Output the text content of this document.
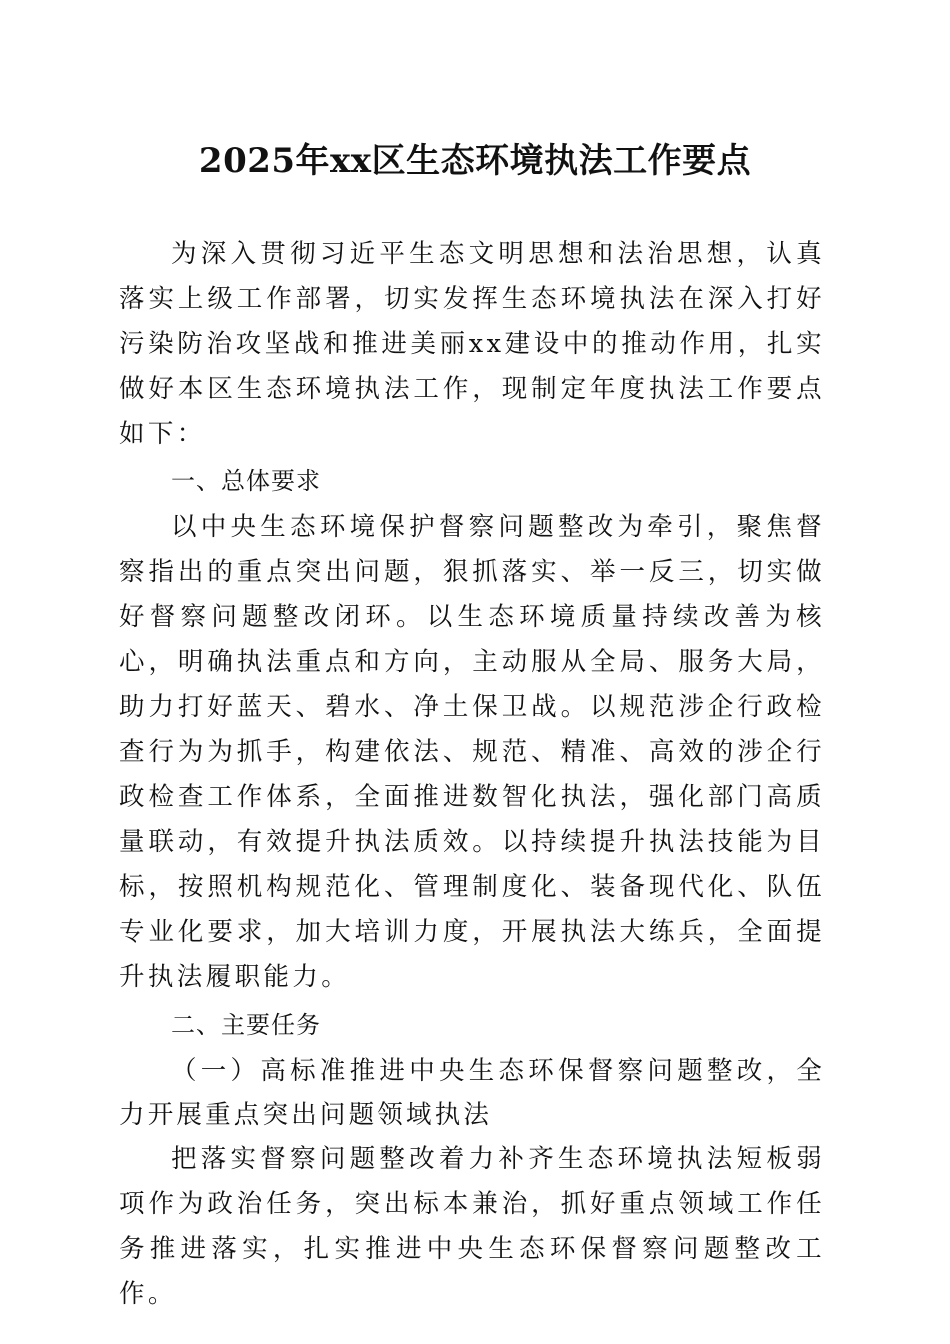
2025年xx区生态环境执法工作要点

为深入贯彻习近平生态文明思想和法治思想，认真落实上级工作部署，切实发挥生态环境执法在深入打好污染防治攻坚战和推进美丽xx建设中的推动作用，扎实做好本区生态环境执法工作，现制定年度执法工作要点如下：

一、总体要求

以中央生态环境保护督察问题整改为牵引，聚焦督察指出的重点突出问题，狠抓落实、举一反三，切实做好督察问题整改闭环。以生态环境质量持续改善为核心，明确执法重点和方向，主动服从全局、服务大局，助力打好蓝天、碧水、净土保卫战。以规范涉企行政检查行为为抓手，构建依法、规范、精准、高效的涉企行政检查工作体系，全面推进数智化执法，强化部门高质量联动，有效提升执法质效。以持续提升执法技能为目标，按照机构规范化、管理制度化、装备现代化、队伍专业化要求，加大培训力度，开展执法大练兵，全面提升执法履职能力。

二、主要任务

（一）高标准推进中央生态环保督察问题整改，全力开展重点突出问题领域执法

把落实督察问题整改着力补齐生态环境执法短板弱项作为政治任务，突出标本兼治，抓好重点领域工作任务推进落实，扎实推进中央生态环保督察问题整改工作。
